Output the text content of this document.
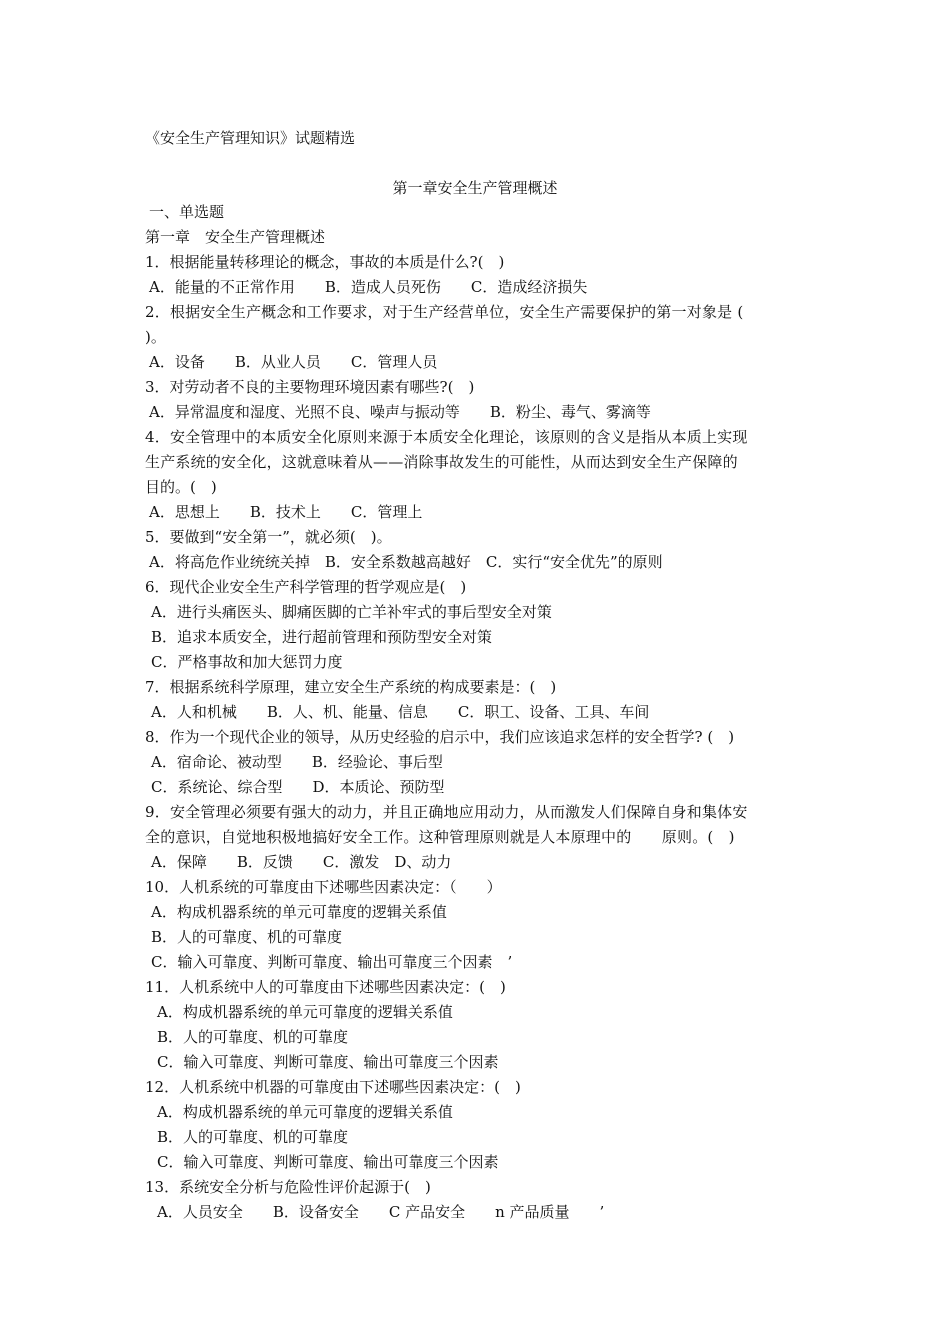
《安全生产管理知识》试题精选
第一章安全生产管理概述
一、单选题
第一章　安全生产管理概述
1．根据能量转移理论的概念，事故的本质是什么?(　)
A．能量的不正常作用　　B．造成人员死伤　　C．造成经济损失
2．根据安全生产概念和工作要求，对于生产经营单位，安全生产需要保护的第一对象是 (
)。
A．设备　　B．从业人员　　C．管理人员
3．对劳动者不良的主要物理环境因素有哪些?(　)
A．异常温度和湿度、光照不良、噪声与振动等　　B．粉尘、毒气、雾滴等
4．安全管理中的本质安全化原则来源于本质安全化理论，该原则的含义是指从本质上实现
生产系统的安全化，这就意味着从——消除事故发生的可能性，从而达到安全生产保障的
目的。(　)
A．思想上　　B．技术上　　C．管理上
5．要做到“安全第一”，就必须(　)。
A．将高危作业统统关掉　B．安全系数越高越好　C．实行“安全优先”的原则
6．现代企业安全生产科学管理的哲学观应是(　)
A．进行头痛医头、脚痛医脚的亡羊补牢式的事后型安全对策
B．追求本质安全，进行超前管理和预防型安全对策
C．严格事故和加大惩罚力度
7．根据系统科学原理，建立安全生产系统的构成要素是：(　)
A．人和机械　　B．人、机、能量、信息　　C．职工、设备、工具、车间
8．作为一个现代企业的领导，从历史经验的启示中，我们应该追求怎样的安全哲学? (　)
A．宿命论、被动型　　B．经验论、事后型
C．系统论、综合型　　D．本质论、预防型
9．安全管理必须要有强大的动力，并且正确地应用动力，从而激发人们保障自身和集体安
全的意识，自觉地积极地搞好安全工作。这种管理原则就是人本原理中的　　原则。(　)
A．保障　　B．反馈　　C．激发　D、动力
10．人机系统的可靠度由下述哪些因素决定：（　　）
A．构成机器系统的单元可靠度的逻辑关系值
B．人的可靠度、机的可靠度
C．输入可靠度、判断可靠度、输出可靠度三个因素　’
11．人机系统中人的可靠度由下述哪些因素决定：(　)
A．构成机器系统的单元可靠度的逻辑关系值
B．人的可靠度、机的可靠度
C．输入可靠度、判断可靠度、输出可靠度三个因素
12．人机系统中机器的可靠度由下述哪些因素决定：(　)
A．构成机器系统的单元可靠度的逻辑关系值
B．人的可靠度、机的可靠度
C．输入可靠度、判断可靠度、输出可靠度三个因素
13．系统安全分析与危险性评价起源于(　)
A．人员安全　　B．设备安全　　C 产品安全　　n 产品质量　　’
